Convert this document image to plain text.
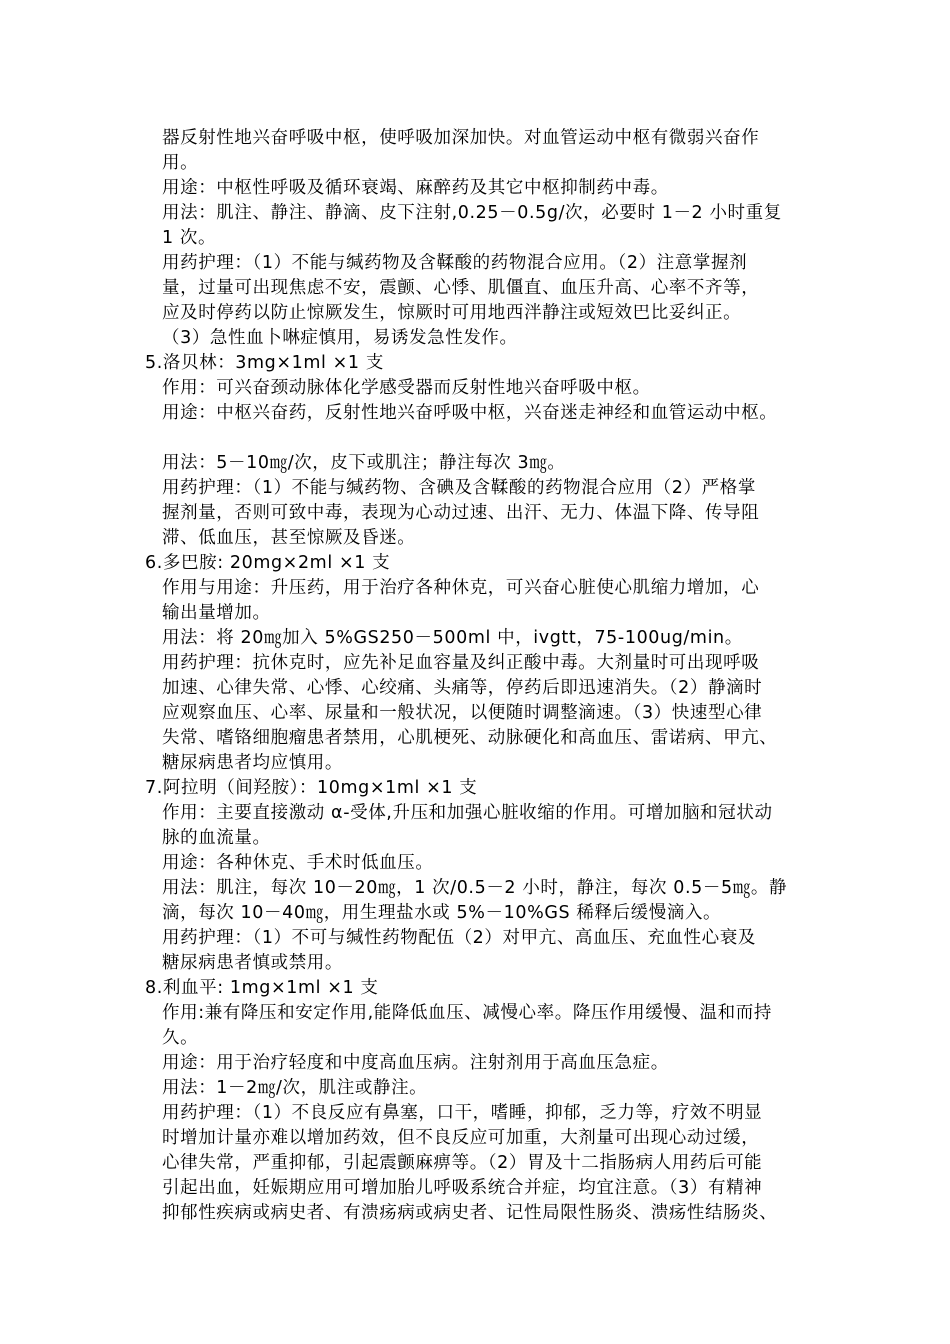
器反射性地兴奋呼吸中枢，使呼吸加深加快。对血管运动中枢有微弱兴奋作
用。
用途：中枢性呼吸及循环衰竭、麻醉药及其它中枢抑制药中毒。
用法：肌注、静注、静滴、皮下注射,0.25－0.5g/次，必要时 1－2 小时重复
1 次。
用药护理：（1）不能与缄药物及含鞣酸的药物混合应用。（2）注意掌握剂
量，过量可出现焦虑不安，震颤、心悸、肌僵直、血压升高、心率不齐等，
应及时停药以防止惊厥发生，惊厥时可用地西泮静注或短效巴比妥纠正。
（3）急性血卜啉症慎用，易诱发急性发作。
5.洛贝林：3mg×1ml ×1 支
作用：可兴奋颈动脉体化学感受器而反射性地兴奋呼吸中枢。
用途：中枢兴奋药，反射性地兴奋呼吸中枢，兴奋迷走神经和血管运动中枢。
用法：5－10㎎/次，皮下或肌注；静注每次 3㎎。
用药护理：（1）不能与缄药物、含碘及含鞣酸的药物混合应用（2）严格掌
握剂量，否则可致中毒，表现为心动过速、出汗、无力、体温下降、传导阻
滞、低血压，甚至惊厥及昏迷。
6.多巴胺: 20mg×2ml ×1 支
作用与用途：升压药，用于治疗各种休克，可兴奋心脏使心肌缩力增加，心
输出量增加。
用法：将 20㎎加入 5%GS250－500ml 中，ivgtt，75-100ug/min。
用药护理：抗休克时，应先补足血容量及纠正酸中毒。大剂量时可出现呼吸
加速、心律失常、心悸、心绞痛、头痛等，停药后即迅速消失。（2）静滴时
应观察血压、心率、尿量和一般状况，以便随时调整滴速。（3）快速型心律
失常、嗜铬细胞瘤患者禁用，心肌梗死、动脉硬化和高血压、雷诺病、甲亢、
糖尿病患者均应慎用。
7.阿拉明（间羟胺）：10mg×1ml ×1 支
作用：主要直接激动 α-受体,升压和加强心脏收缩的作用。可增加脑和冠状动
脉的血流量。
用途：各种休克、手术时低血压。
用法：肌注，每次 10－20㎎，1 次/0.5－2 小时，静注，每次 0.5－5㎎。静
滴，每次 10－40㎎，用生理盐水或 5%－10%GS 稀释后缓慢滴入。
用药护理：（1）不可与缄性药物配伍（2）对甲亢、高血压、充血性心衰及
糖尿病患者慎或禁用。
8.利血平: 1mg×1ml ×1 支
作用:兼有降压和安定作用,能降低血压、减慢心率。降压作用缓慢、温和而持
久。
用途：用于治疗轻度和中度高血压病。注射剂用于高血压急症。
用法：1－2㎎/次，肌注或静注。
用药护理：（1）不良反应有鼻塞，口干，嗜睡，抑郁，乏力等，疗效不明显
时增加计量亦难以增加药效，但不良反应可加重，大剂量可出现心动过缓，
心律失常，严重抑郁，引起震颤麻痹等。（2）胃及十二指肠病人用药后可能
引起出血，妊娠期应用可增加胎儿呼吸系统合并症，均宜注意。（3）有精神
抑郁性疾病或病史者、有溃疡病或病史者、记性局限性肠炎、溃疡性结肠炎、
